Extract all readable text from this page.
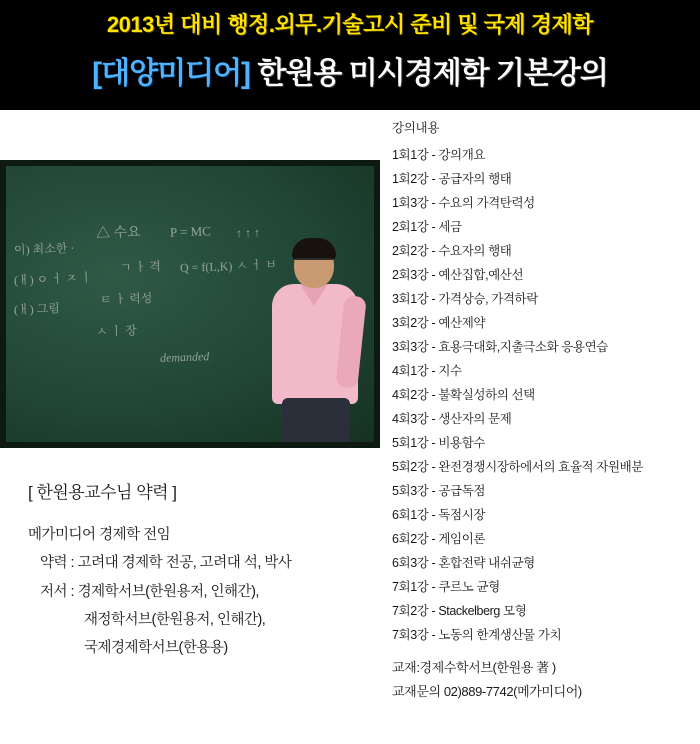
2013년 대비 행정.외무.기술고시 준비 및 국제 경제학
[대양미디어] 한원용 미시경제학 기본강의
이) 최소한 ·
(ㅐ) ㅇ ㅓ ㅈ ㅣ
(ㅐ) 그림
△ 수요
ㄱ ㅏ 격
ㅌ ㅏ 력성
ㅅ ㅣ 장
P = MC
Q = f(L,K)
demanded
↑ ↑ ↑
ㅅ ㅓ ㅂ
[ 한원용교수님 약력 ]
메가미디어 경제학 전임
약력 : 고려대 경제학 전공, 고려대 석, 박사
저서 : 경제학서브(한원용저, 인해간),
재정학서브(한원용저, 인해간),
국제경제학서브(한용용)
강의내용
1회1강 - 강의개요
1회2강 - 공급자의 행태
1회3강 - 수요의 가격탄력성
2회1강 - 세금
2회2강 - 수요자의 행태
2회3강 - 예산집합,예산선
3회1강 - 가격상승, 가격하락
3회2강 - 예산제약
3회3강 - 효용극대화,지출극소화 응용연습
4회1강 - 지수
4회2강 - 불확실성하의 선택
4회3강 - 생산자의 문제
5회1강 - 비용함수
5회2강 - 완전경쟁시장하에서의 효율적 자원배분
5회3강 - 공급독점
6회1강 - 독점시장
6회2강 - 게임이론
6회3강 - 혼합전략 내쉬균형
7회1강 - 쿠르노 균형
7회2강 - Stackelberg 모형
7회3강 - 노동의 한계생산물 가치
교재:경제수학서브(한원용 著 )
교재문의 02)889-7742(메가미디어)
